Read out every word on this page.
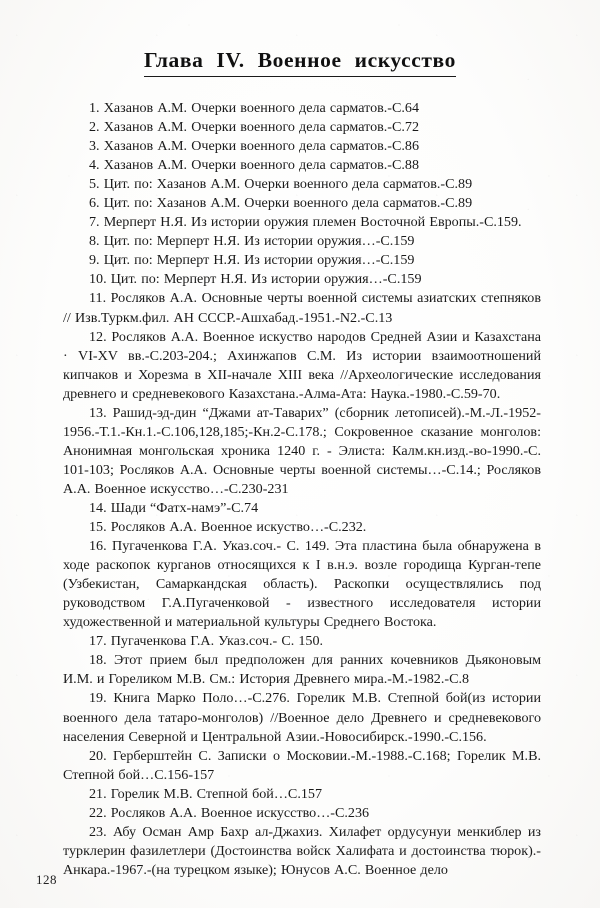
Глава IV. Военное искусство

1. Хазанов А.М. Очерки военного дела сарматов.-С.64

2. Хазанов А.М. Очерки военного дела сарматов.-С.72

3. Хазанов А.М. Очерки военного дела сарматов.-С.86

4. Хазанов А.М. Очерки военного дела сарматов.-С.88

5. Цит. по: Хазанов А.М. Очерки военного дела сарматов.-С.89

6. Цит. по: Хазанов А.М. Очерки военного дела сарматов.-С.89

7. Мерперт Н.Я. Из истории оружия племен Восточной Европы.-С.159.

8. Цит. по: Мерперт Н.Я. Из истории оружия…-С.159

9. Цит. по: Мерперт Н.Я. Из истории оружия…-С.159

10. Цит. по: Мерперт Н.Я. Из истории оружия…-С.159

11. Росляков А.А. Основные черты военной системы азиатских степняков // Изв.Туркм.фил. АН СССР.-Ашхабад.-1951.-N2.-С.13

12. Росляков А.А. Военное искуство народов Средней Азии и Казахстана · VI-XV вв.-С.203-204.; Ахинжапов С.М. Из истории взаимоотношений кипчаков и Хорезма в XII-начале XIII века //Археологические исследования древнего и средневекового Казахстана.-Алма-Ата: Наука.-1980.-С.59-70.

13. Рашид-эд-дин “Джами ат-Таварих” (сборник летописей).-М.-Л.-1952-1956.-Т.1.-Кн.1.-С.106,128,185;-Кн.2-С.178.; Сокровенное сказание монголов: Анонимная монгольская хроника 1240 г. - Элиста: Калм.кн.изд.-во-1990.-С. 101-103; Росляков А.А. Основные черты военной системы…-С.14.; Росляков А.А. Военное искусство…-С.230-231

14. Шади “Фатх-намэ”-С.74

15. Росляков А.А. Военное искуство…-С.232.

16. Пугаченкова Г.А. Указ.соч.- С. 149. Эта пластина была обнаружена в ходе раскопок курганов относящихся к I в.н.э. возле городища Курган-тепе (Узбекистан, Самаркандская область). Раскопки осуществлялись под руководством Г.А.Пугаченковой - известного исследователя истории художественной и материальной культуры Среднего Востока.

17. Пугаченкова Г.А. Указ.соч.- С. 150.

18. Этот прием был предположен для ранних кочевников Дьяконовым И.М. и Гореликом М.В. См.: История Древнего мира.-М.-1982.-С.8

19. Книга Марко Поло…-С.276. Горелик М.В. Степной бой(из истории военного дела татаро-монголов) //Военное дело Древнего и средневекового населения Северной и Центральной Азии.-Новосибирск.-1990.-С.156.

20. Герберштейн С. Записки о Московии.-М.-1988.-С.168; Горелик М.В. Степной бой…С.156-157

21. Горелик М.В. Степной бой…С.157

22. Росляков А.А. Военное искусство…-С.236

23. Абу Осман Амр Бахр ал-Джахиз. Хилафет ордусунуи менкиблер из турклерин фазилетлери (Достоинства войск Халифата и достоинства тюрок).-Анкара.-1967.-(на турецком языке); Юнусов А.С. Военное дело

128
